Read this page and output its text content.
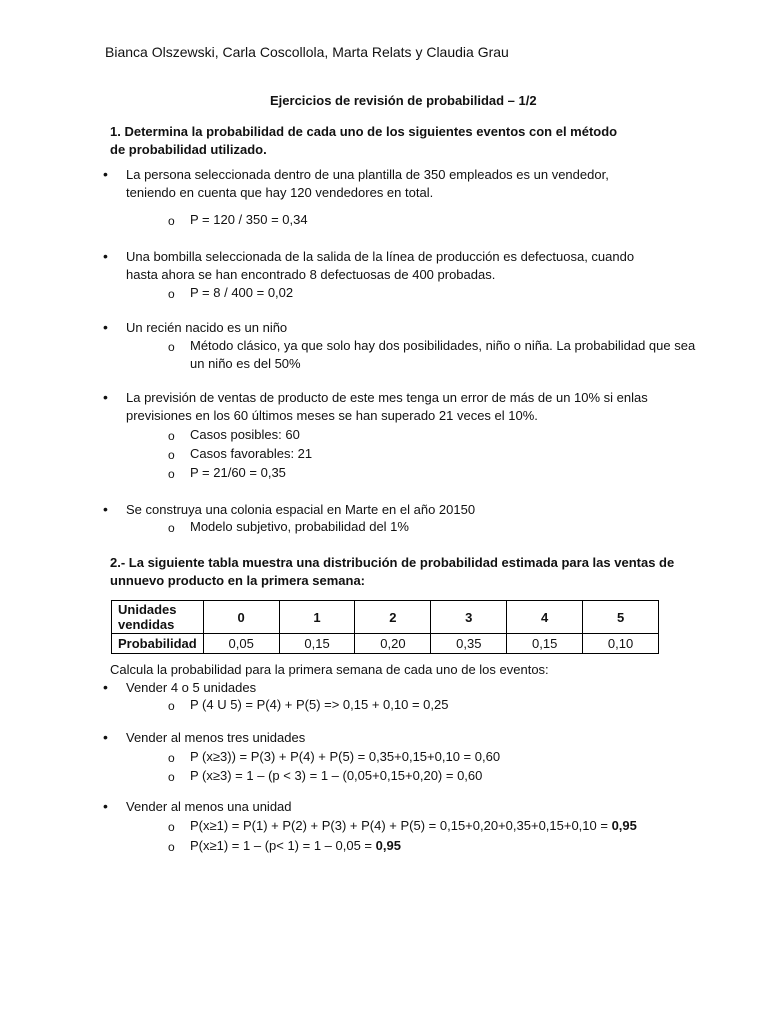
Bianca Olszewski, Carla Coscollola, Marta Relats y Claudia Grau
Ejercicios de revisión de probabilidad – 1/2
1. Determina la probabilidad de cada uno de los siguientes eventos con el método
de probabilidad utilizado.
• La persona seleccionada dentro de una plantilla de 350 empleados es un vendedor,
teniendo en cuenta que hay 120 vendedores en total.
o P = 120 / 350 = 0,34
• Una bombilla seleccionada de la salida de la línea de producción es defectuosa, cuando
hasta ahora se han encontrado 8 defectuosas de 400 probadas.
o P = 8 / 400 = 0,02
• Un recién nacido es un niño
o Método clásico, ya que solo hay dos posibilidades, niño o niña. La probabilidad que sea
un niño es del 50%
• La previsión de ventas de producto de este mes tenga un error de más de un 10% si enlas
previsiones en los 60 últimos meses se han superado 21 veces el 10%.
o Casos posibles: 60
o Casos favorables: 21
o P = 21/60 = 0,35
• Se construya una colonia espacial en Marte en el año 20150
o Modelo subjetivo, probabilidad del 1%
2.- La siguiente tabla muestra una distribución de probabilidad estimada para las ventas de
unnuevo producto en la primera semana:
Unidades
vendidas	0	1	2	3	4	5
Probabilidad	0,05	0,15	0,20	0,35	0,15	0,10
Calcula la probabilidad para la primera semana de cada uno de los eventos:
• Vender 4 o 5 unidades
o P (4 U 5) = P(4) + P(5) => 0,15 + 0,10 = 0,25
• Vender al menos tres unidades
o P (x≥3)) = P(3) + P(4) + P(5) = 0,35+0,15+0,10 = 0,60
o P (x≥3) = 1 – (p < 3) = 1 – (0,05+0,15+0,20) = 0,60
• Vender al menos una unidad
o P(x≥1) = P(1) + P(2) + P(3) + P(4) + P(5) = 0,15+0,20+0,35+0,15+0,10 = 0,95
o P(x≥1) = 1 – (p< 1) = 1 – 0,05 = 0,95
